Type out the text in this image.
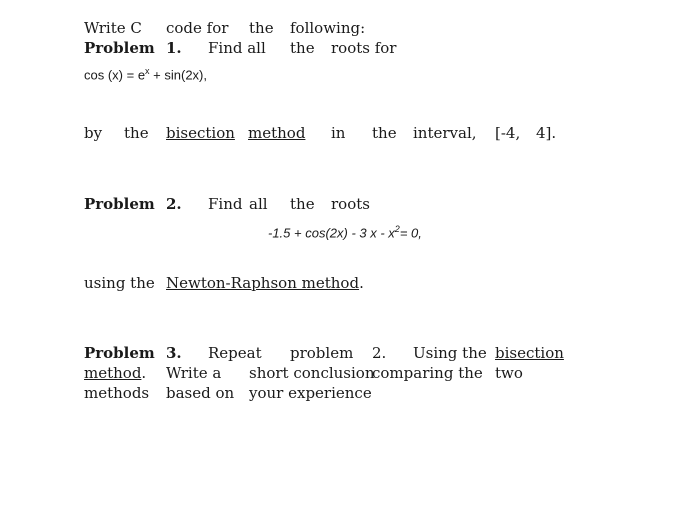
Write C code for the following:
Problem 1. Find all the roots for
$\cos (x) = e^x + \sin(2x)$,
by the bisection method in the interval, [-4, 4].
Problem 2. Find all the roots
-1.5 + cos(2x) - 3 $x - x^2= 0$,
using the Newton-Raphson method.
Problem 3. Repeat problem 2. Using the bisection
method. Write a short conclusion
comparing the two
methods based on your experience
